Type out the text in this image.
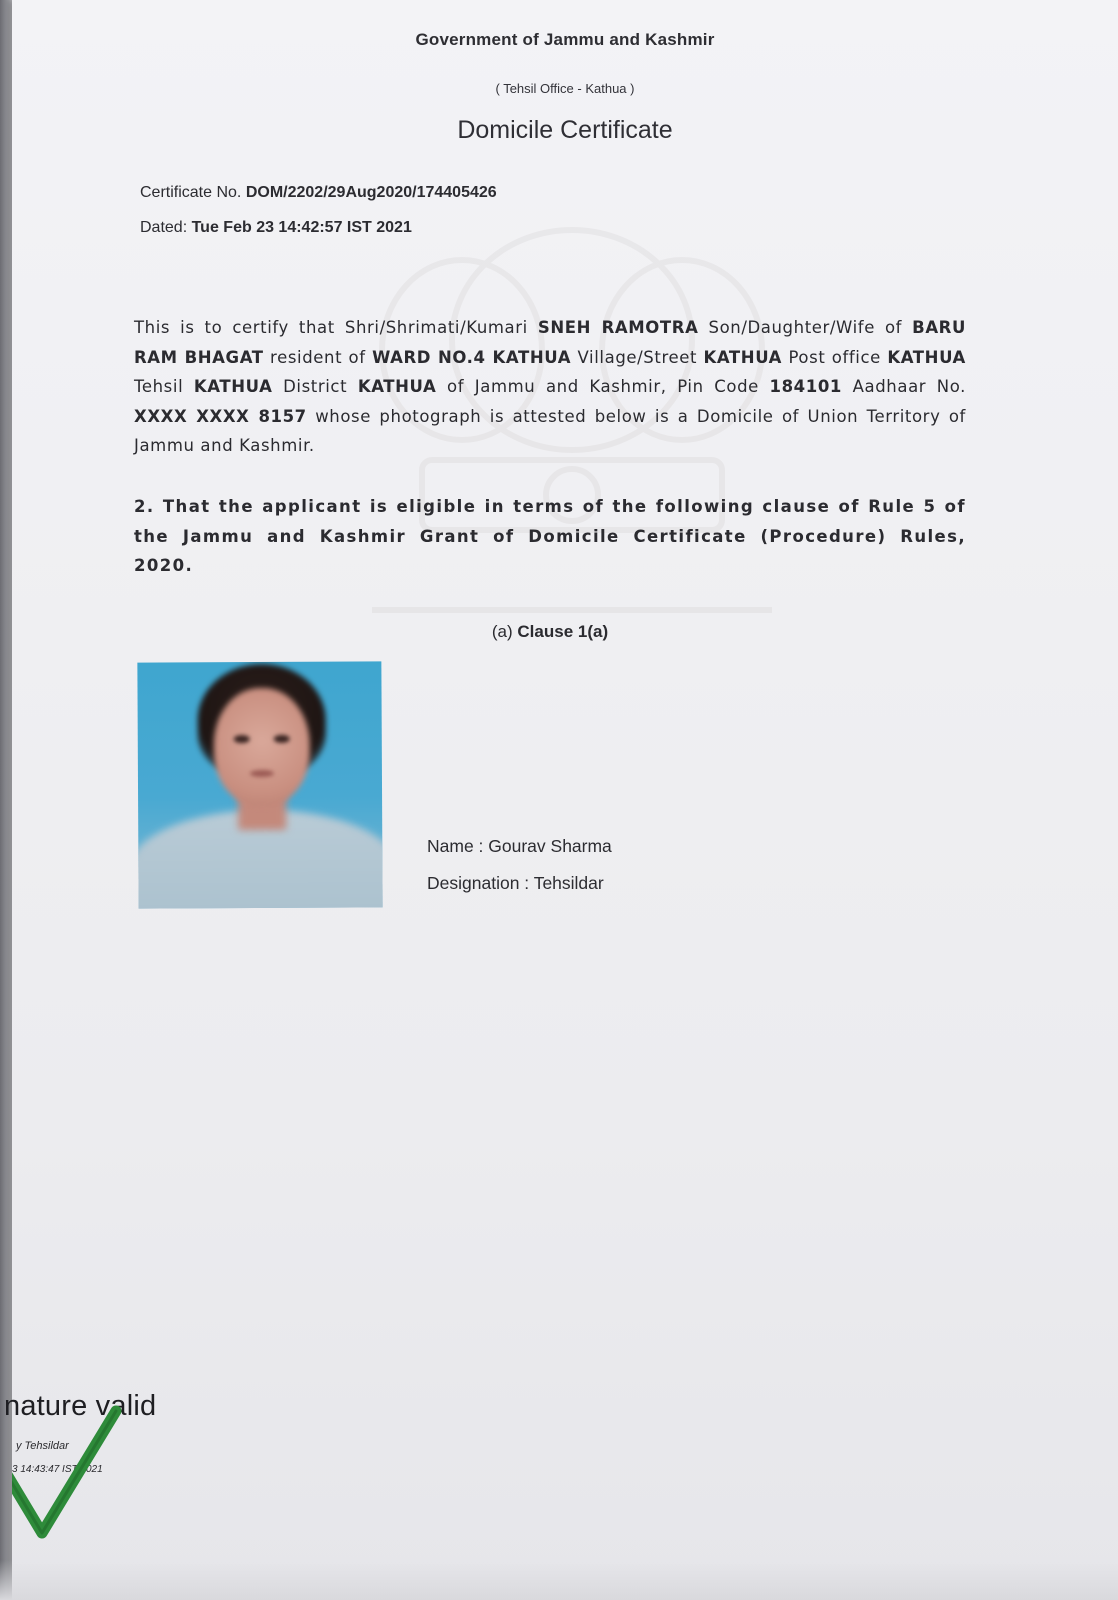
Government of Jammu and Kashmir
( Tehsil Office - Kathua )
Domicile Certificate
Certificate No. DOM/2202/29Aug2020/174405426
Dated: Tue Feb 23 14:42:57 IST 2021
This is to certify that Shri/Shrimati/Kumari SNEH RAMOTRA Son/Daughter/Wife of BARU RAM BHAGAT resident of WARD NO.4 KATHUA Village/Street KATHUA Post office KATHUA Tehsil KATHUA District KATHUA of Jammu and Kashmir, Pin Code 184101 Aadhaar No. XXXX XXXX 8157 whose photograph is attested below is a Domicile of Union Territory of Jammu and Kashmir.
2. That the applicant is eligible in terms of the following clause of Rule 5 of the Jammu and Kashmir Grant of Domicile Certificate (Procedure) Rules, 2020.
(a) Clause 1(a)
Name : Gourav Sharma
Designation : Tehsildar
nature valid
y Tehsildar
3 14:43:47 IST 2021
